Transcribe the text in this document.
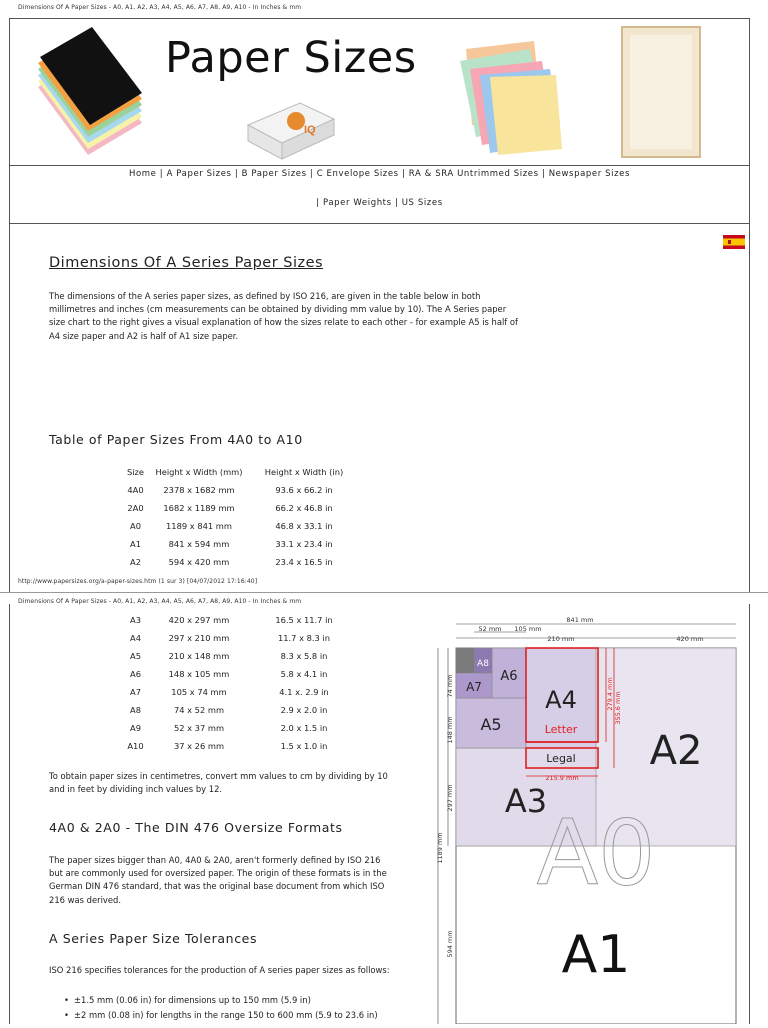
Dimensions Of A Paper Sizes - A0, A1, A2, A3, A4, A5, A6, A7, A8, A9, A10 - In Inches & mm
Paper Sizes
IQ
Home | A Paper Sizes | B Paper Sizes | C Envelope Sizes | RA & SRA Untrimmed Sizes | Newspaper Sizes
| Paper Weights | US Sizes
Dimensions Of A Series Paper Sizes
The dimensions of the A series paper sizes, as defined by ISO 216, are given in the table below in both
millimetres and inches (cm measurements can be obtained by dividing mm value by 10). The A Series paper
size chart to the right gives a visual explanation of how the sizes relate to each other - for example A5 is half of
A4 size paper and A2 is half of A1 size paper.
Table of Paper Sizes From 4A0 to A10
Size	Height x Width (mm)	Height x Width (in)
4A0	2378 x 1682 mm	93.6 x 66.2 in
2A0	1682 x 1189 mm	66.2 x 46.8 in
A0	1189 x 841 mm	46.8 x 33.1 in
A1	841 x 594 mm	33.1 x 23.4 in
A2	594 x 420 mm	23.4 x 16.5 in
http://www.papersizes.org/a-paper-sizes.htm (1 sur 3) [04/07/2012 17:16:40]
Dimensions Of A Paper Sizes - A0, A1, A2, A3, A4, A5, A6, A7, A8, A9, A10 - In Inches & mm
A3	420 x 297 mm	16.5 x 11.7 in
A4	297 x 210 mm	11.7 x 8.3 in
A5	210 x 148 mm	8.3 x 5.8 in
A6	148 x 105 mm	5.8 x 4.1 in
A7	105 x 74 mm	4.1 x. 2.9 in
A8	74 x 52 mm	2.9 x 2.0 in
A9	52 x 37 mm	2.0 x 1.5 in
A10	37 x 26 mm	1.5 x 1.0 in
To obtain paper sizes in centimetres, convert mm values to cm by dividing by 10
and in feet by dividing inch values by 12.
4A0 & 2A0 - The DIN 476 Oversize Formats
The paper sizes bigger than A0, 4A0 & 2A0, aren't formerly defined by ISO 216
but are commonly used for oversized paper. The origin of these formats is in the
German DIN 476 standard, that was the original base document from which ISO
216 was derived.
A Series Paper Size Tolerances
ISO 216 specifies tolerances for the production of A series paper sizes as follows:
• ±1.5 mm (0.06 in) for dimensions up to 150 mm (5.9 in)
• ±2 mm (0.08 in) for lengths in the range 150 to 600 mm (5.9 to 23.6 in)
841 mm
420 mm
210 mm
105 mm
52 mm
74 mm
148 mm
297 mm
1189 mm
594 mm
279.4 mm 355.6 mm
215.9 mm
A8
A6
A7
A5
A4
Letter
Legal A2
A3
A0
A1
